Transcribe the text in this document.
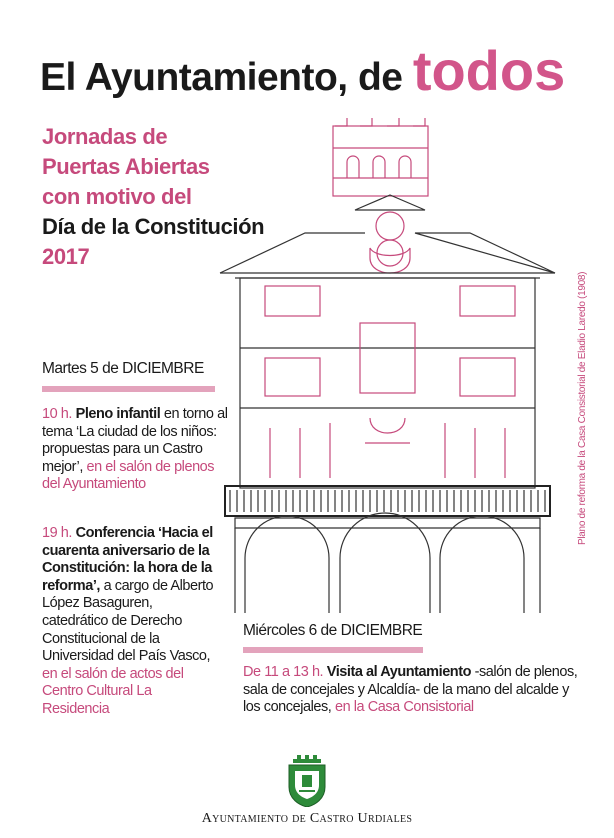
El Ayuntamiento, de todos
Jornadas de
Puertas Abiertas
con motivo del
Día de la Constitución
2017
Plano de reforma de la Casa Consistorial de Eladio Laredo (1908)
Martes 5 de DICIEMBRE
10 h. Pleno infantil en torno al tema ‘La ciudad de los niños: propuestas para un Castro mejor’, en el salón de plenos del Ayuntamiento
19 h. Conferencia ‘Hacia el cuarenta aniversario de la Constitución: la hora de la reforma’, a cargo de Alberto López Basaguren, catedrático de Derecho Constitucional de la Universidad del País Vasco, en el salón de actos del Centro Cultural La Residencia
Miércoles 6 de DICIEMBRE
De 11 a 13 h. Visita al Ayuntamiento -salón de plenos, sala de concejales y Alcaldía- de la mano del alcalde y los concejales, en la Casa Consistorial
Ayuntamiento de Castro Urdiales
